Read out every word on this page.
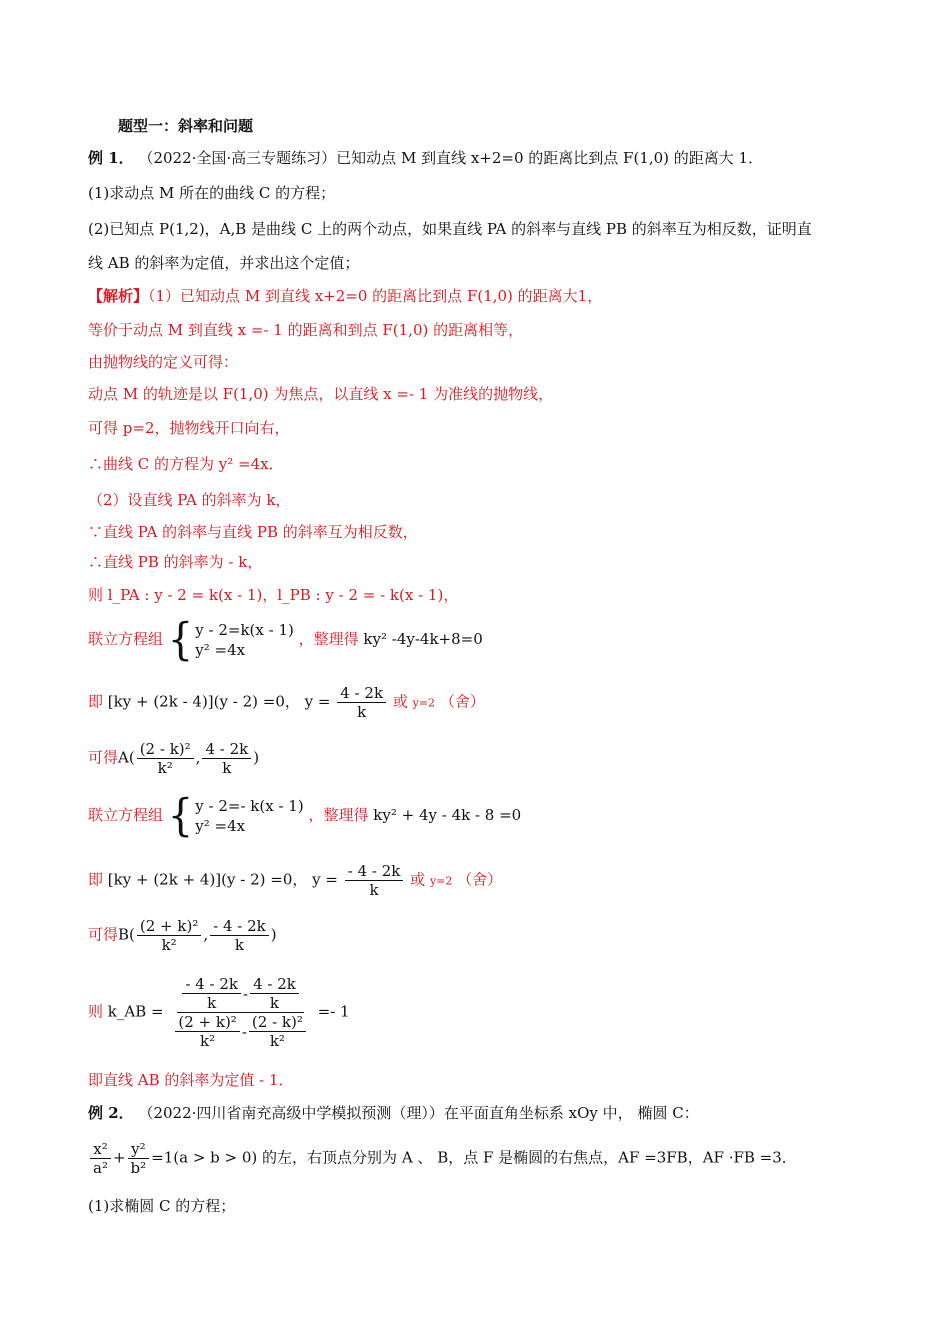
题型一：斜率和问题
例 1． （2022·全国·高三专题练习）已知动点 M 到直线 x+2=0 的距离比到点 F(1,0) 的距离大 1．
(1)求动点 M 所在的曲线 C 的方程；
(2)已知点 P(1,2)，A,B 是曲线 C 上的两个动点，如果直线 PA 的斜率与直线 PB 的斜率互为相反数，证明直
线 AB 的斜率为定值，并求出这个定值；
【解析】（1）已知动点 M 到直线 x+2=0 的距离比到点 F(1,0) 的距离大1，
等价于动点 M 到直线 x =- 1 的距离和到点 F(1,0) 的距离相等，
由抛物线的定义可得：
动点 M 的轨迹是以 F(1,0) 为焦点，以直线 x =- 1 为准线的抛物线，
可得 p=2，抛物线开口向右，
∴曲线 C 的方程为 y² =4x．
（2）设直线 PA 的斜率为 k，
∵直线 PA 的斜率与直线 PB 的斜率互为相反数，
∴直线 PB 的斜率为 - k，
则 l_PA : y - 2 = k(x - 1)，l_PB : y - 2 = - k(x - 1)，
联立方程组 { y - 2=k(x - 1)
y² =4x
，整理得 ky² -4y-4k+8=0
即 [ky + (2k - 4)](y - 2) =0， $y = \frac{4 - 2k}{k}$ 或 y=2 （舍）
可得$A( \frac{\text{(2 - k)²}}{\text{k²}}$ , $\frac{4 - 2k}{k}$ )
联立方程组 { y - 2=- k(x - 1)
y² =4x
，整理得 ky² + 4y - 4k - 8 =0
即 [ky + (2k + 4)](y - 2) =0， $y = \frac{- 4 - 2k}{k}$ 或 y=2 （舍）
可得$B( \frac{\text{(2 + k)²}}{\text{k²}}$ , $\frac{- 4 - 2k}{k}$ )
则 k_AB = $\frac{\frac{- 4 - 2k}{k} - \frac{4 - 2k}{k}}{\frac{\text{(2 + k)²}}{\text{k²}} - \frac{\text{(2 - k)²}}{\text{k²}}} =- 1$
即直线 AB 的斜率为定值 - 1．
例 2． （2022·四川省南充高级中学模拟预测（理））在平面直角坐标系 xOy 中， 椭圆 C：
$\frac{\text{x²}}{\text{a²}} + \frac{\text{y²}}{\text{b²}} =1(a > b > 0)$ 的左，右顶点分别为 A 、 B，点 F 是椭圆的右焦点，AF =3FB，AF ·FB =3．
(1)求椭圆 C 的方程；
